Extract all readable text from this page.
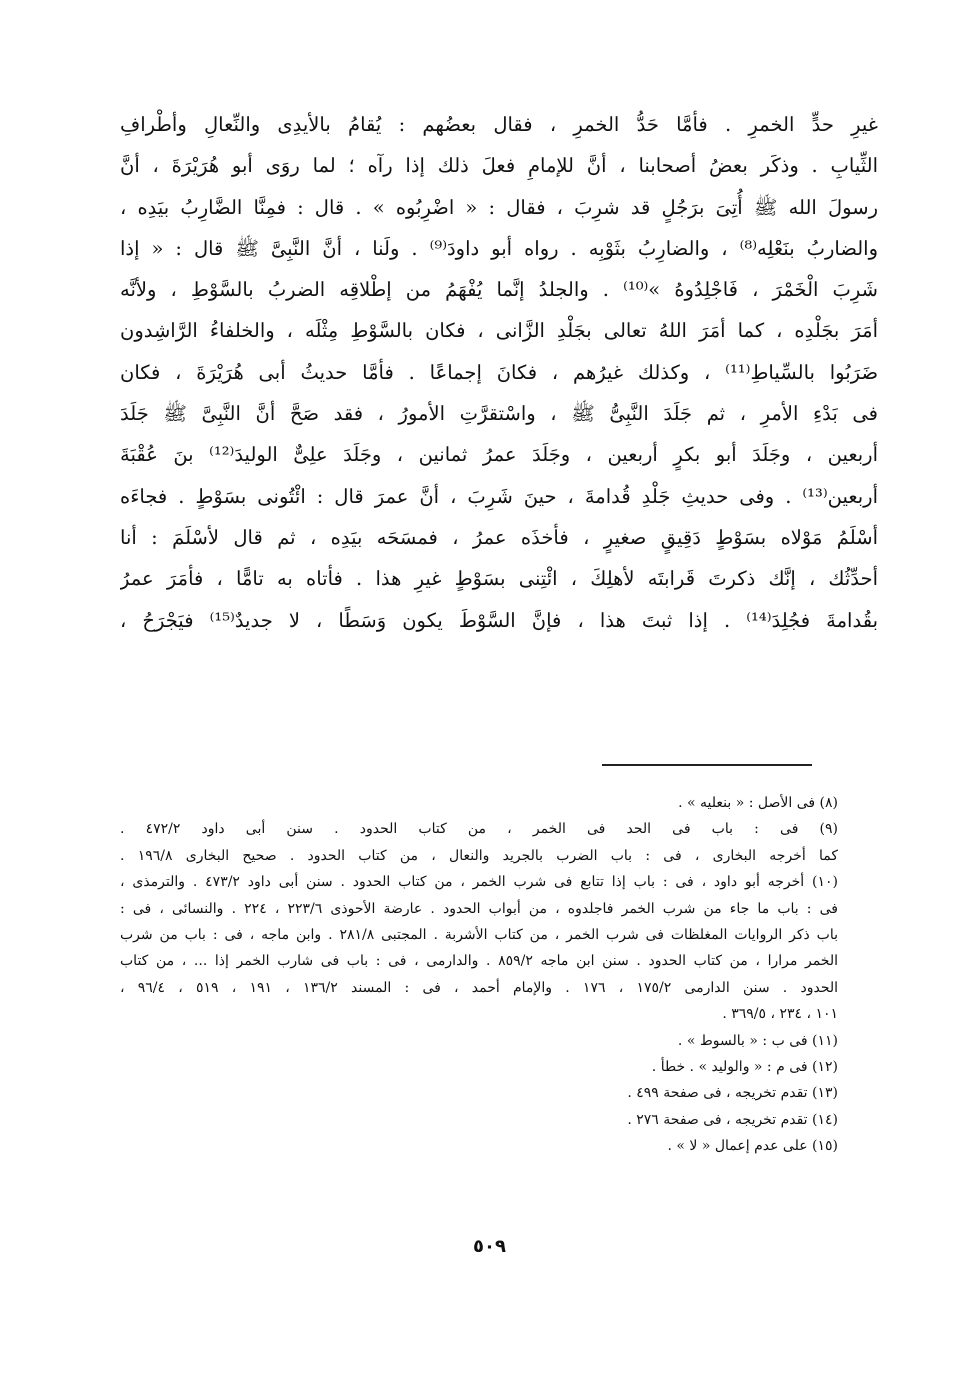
غيرِ حدٍّ الخمرِ . فأمَّا حَدُّ الخمرِ ، فقال بعضُهم : يُقامُ بالأيدِى والنِّعالِ وأطْرافِ
الثِّيابِ . وذكَر بعضُ أصحابنا ، أنَّ للإمامِ فعلَ ذلك إذا رآه ؛ لما روَى أبو هُرَيْرَةَ ، أنَّ
رسولَ الله ﷺ أُتِىَ برَجُلٍ قد شرِبَ ، فقال : « اضْرِبُوه » . قال : فمِنَّا الضَّارِبُ بيَدِه ،
والضاربُ بنَعْلِه⁽⁸⁾ ، والضارِبُ بثَوْبِه . رواه أبو داودَ⁽⁹⁾ . ولَنا ، أنَّ النَّبِىَّ ﷺ قال : « إذا
شَرِبَ الْخَمْرَ ، فَاجْلِدُوهُ »⁽¹⁰⁾ . والجلدُ إنَّما يُفْهَمُ من إطْلاقِه الضربُ بالسَّوْطِ ، ولأنَّه
أمَرَ بجَلْدِه ، كما أمَرَ اللهُ تعالى بجَلْدِ الزَّانى ، فكان بالسَّوْطِ مِثْلَه ، والخلفاءُ الرَّاشِدون
ضَرَبُوا بالسِّياطِ⁽¹¹⁾ ، وكذلك غيرُهم ، فكانَ إجماعًا . فأمَّا حديثُ أبى هُرَيْرَةَ ، فكان
فى بَدْءِ الأمرِ ، ثم جَلَدَ النَّبِىُّ ﷺ ، واسْتقرَّتِ الأمورُ ، فقد صَحَّ أنَّ النَّبِىَّ ﷺ جَلَدَ
أربعين ، وجَلَدَ أبو بكرٍ أربعين ، وجَلَدَ عمرُ ثمانين ، وجَلَدَ علِىٌّ الوليدَ⁽¹²⁾ بنَ عُقْبَةَ
أربعين⁽¹³⁾ . وفى حديثِ جَلْدِ قُدامةَ ، حينَ شَرِبَ ، أنَّ عمرَ قال : ائْتُونى بسَوْطٍ . فجاءَه
أسْلَمُ مَوْلاه بسَوْطٍ دَقِيقٍ صغيرٍ ، فأخذَه عمرُ ، فمسَحَه بيَدِه ، ثم قال لأسْلَمَ : أنا
أحدِّثُك ، إنَّك ذكرتَ قَرابتَه لأهلِكَ ، ائْتِنى بسَوْطٍ غيرِ هذا . فأتاه به تامًّا ، فأمَرَ عمرُ
بقُدامةَ فجُلِدَ⁽¹⁴⁾ . إذا ثبتَ هذا ، فإنَّ السَّوْطَ يكون وَسَطًا ، لا جديدٌ⁽¹⁵⁾ فيَجْرَحُ ،
(٨) فى الأصل : « بنعليه » .
(٩) فى : باب فى الحد فى الخمر ، من كتاب الحدود . سنن أبى داود ٤٧٢/٢ .
كما أخرجه البخارى ، فى : باب الضرب بالجريد والنعال ، من كتاب الحدود . صحيح البخارى ١٩٦/٨ .
(١٠) أخرجه أبو داود ، فى : باب إذا تتابع فى شرب الخمر ، من كتاب الحدود . سنن أبى داود ٤٧٣/٢ . والترمذى ،
فى : باب ما جاء من شرب الخمر فاجلدوه ، من أبواب الحدود . عارضة الأحوذى ٢٢٣/٦ ، ٢٢٤ . والنسائى ، فى :
باب ذكر الروايات المغلظات فى شرب الخمر ، من كتاب الأشربة . المجتبى ٢٨١/٨ . وابن ماجه ، فى : باب من شرب
الخمر مرارا ، من كتاب الحدود . سنن ابن ماجه ٨٥٩/٢ . والدارمى ، فى : باب فى شارب الخمر إذا ... ، من كتاب
الحدود . سنن الدارمى ١٧٥/٢ ، ١٧٦ . والإمام أحمد ، فى : المسند ١٣٦/٢ ، ١٩١ ، ٥١٩ ، ٩٦/٤ ،
١٠١ ، ٢٣٤ ، ٣٦٩/٥ .
(١١) فى ب : « بالسوط » .
(١٢) فى م : « والوليد » . خطأ .
(١٣) تقدم تخريجه ، فى صفحة ٤٩٩ .
(١٤) تقدم تخريجه ، فى صفحة ٢٧٦ .
(١٥) على عدم إعمال « لا » .
٥٠٩
